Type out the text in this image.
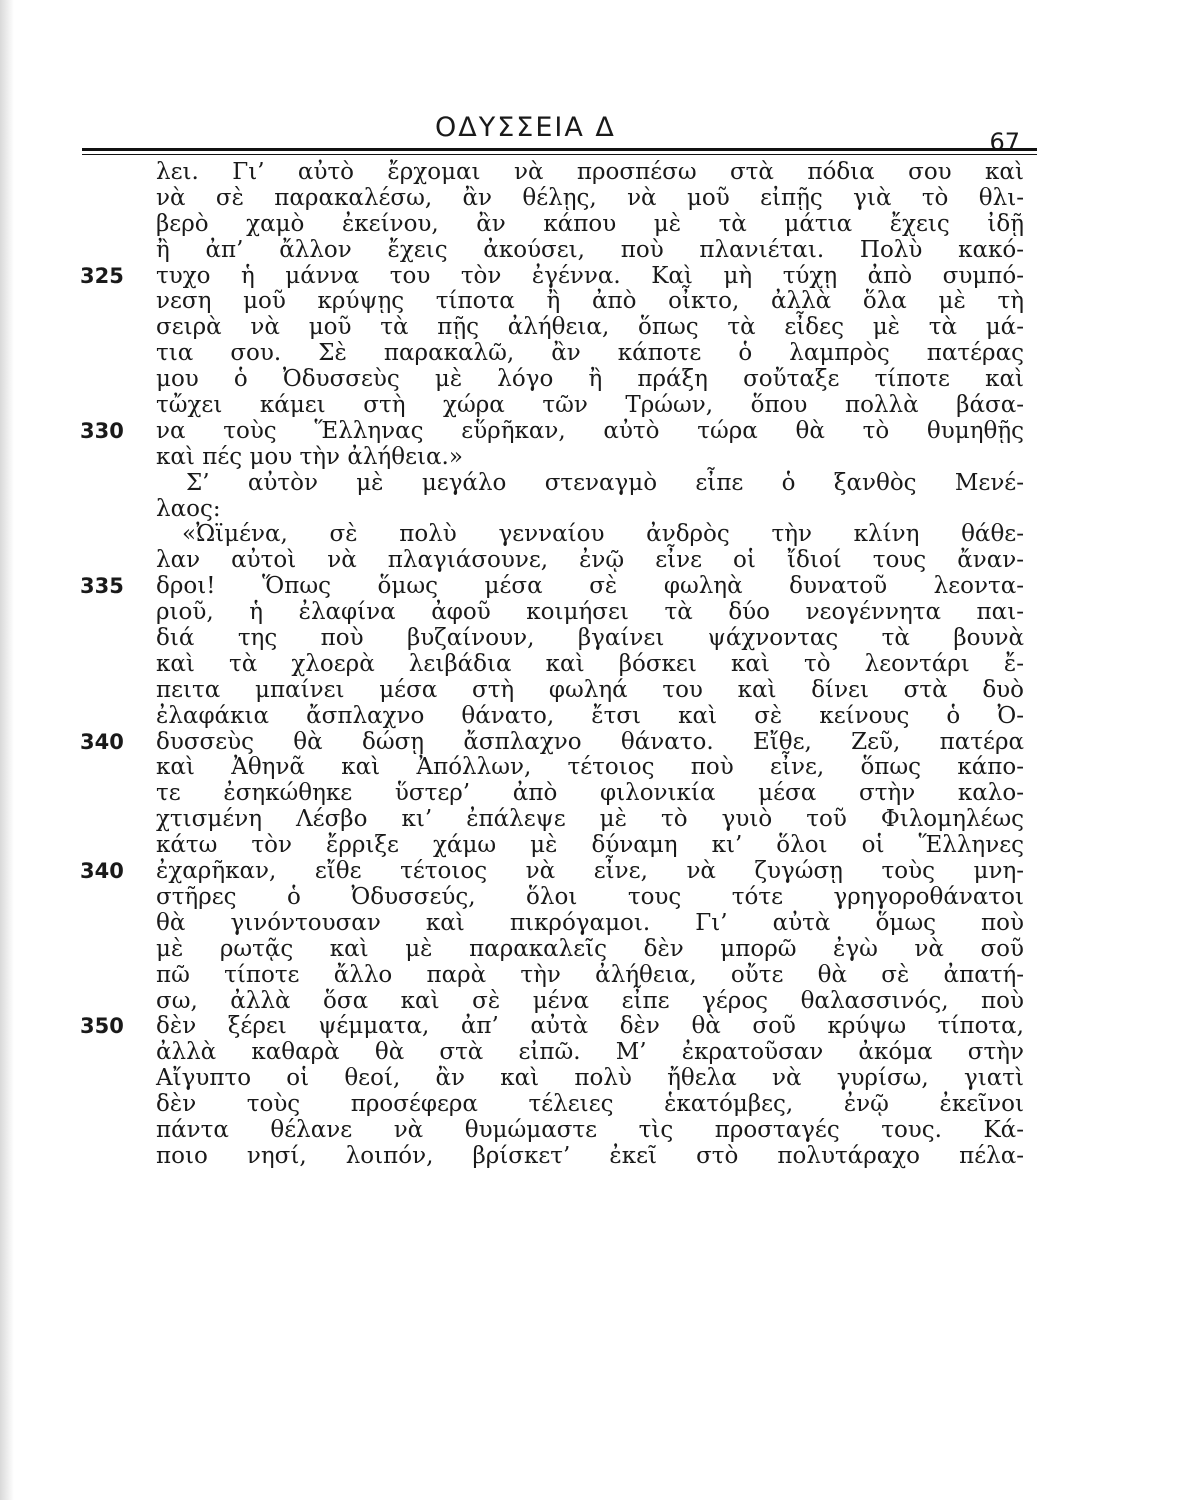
ΟΔΥΣΣΕΙΑ Δ	67
λει. Γι’ αὐτὸ ἔρχομαι νὰ προσπέσω στὰ πόδια σου καὶ
νὰ σὲ παρακαλέσω, ἂν θέλῃς, νὰ μοῦ εἰπῇς γιὰ τὸ θλι-
βερὸ χαμὸ ἐκείνου, ἂν κάπου μὲ τὰ μάτια ἔχεις ἰδῇ
ἢ ἀπ’ ἄλλον ἔχεις ἀκούσει, ποὺ πλανιέται. Πολὺ κακό-
325	τυχο ἡ μάννα του τὸν ἐγέννα. Καὶ μὴ τύχῃ ἀπὸ συμπό-
νεση μοῦ κρύψῃς τίποτα ἢ ἀπὸ οἶκτο, ἀλλὰ ὅλα μὲ τὴ
σειρὰ νὰ μοῦ τὰ πῇς ἀλήθεια, ὅπως τὰ εἶδες μὲ τὰ μά-
τια σου. Σὲ παρακαλῶ, ἂν κάποτε ὁ λαμπρὸς πατέρας
μου ὁ Ὀδυσσεὺς μὲ λόγο ἢ πράξη σοὔταξε τίποτε καὶ
τὤχει κάμει στὴ χώρα τῶν Τρώων, ὅπου πολλὰ βάσα-
330	να τοὺς Ἕλληνας εὕρῆκαν, αὐτὸ τώρα θὰ τὸ θυμηθῇς
καὶ πές μου τὴν ἀλήθεια.»
Σ’ αὐτὸν μὲ μεγάλο στεναγμὸ εἶπε ὁ ξανθὸς Μενέ-
λαος:
«Ὠϊμένα, σὲ πολὺ γενναίου ἀνδρὸς τὴν κλίνη θάθε-
λαν αὐτοὶ νὰ πλαγιάσουνε, ἐνῷ εἶνε οἱ ἴδιοί τους ἄναν-
335	δροι! Ὅπως ὅμως μέσα σὲ φωληὰ δυνατοῦ λεοντα-
ριοῦ, ἡ ἐλαφίνα ἀφοῦ κοιμήσει τὰ δύο νεογέννητα παι-
διά της ποὺ βυζαίνουν, βγαίνει ψάχνοντας τὰ βουνὰ
καὶ τὰ χλοερὰ λειβάδια καὶ βόσκει καὶ τὸ λεοντάρι ἔ-
πειτα μπαίνει μέσα στὴ φωληά του καὶ δίνει στὰ δυὸ
ἐλαφάκια ἄσπλαχνο θάνατο, ἔτσι καὶ σὲ κείνους ὁ Ὀ-
340	δυσσεὺς θὰ δώσῃ ἄσπλαχνο θάνατο. Εἴθε, Ζεῦ, πατέρα
καὶ Ἀθηνᾶ καὶ Ἀπόλλων, τέτοιος ποὺ εἶνε, ὅπως κάπο-
τε ἐσηκώθηκε ὕστερ’ ἀπὸ φιλονικία μέσα στὴν καλο-
χτισμένη Λέσβο κι’ ἐπάλεψε μὲ τὸ γυιὸ τοῦ Φιλομηλέως
κάτω τὸν ἔρριξε χάμω μὲ δύναμη κι’ ὅλοι οἱ Ἕλληνες
340	ἐχαρῆκαν, εἴθε τέτοιος νὰ εἶνε, νὰ ζυγώσῃ τοὺς μνη-
στῆρες ὁ Ὀδυσσεύς, ὅλοι τους τότε γρηγοροθάνατοι
θὰ γινόντουσαν καὶ πικρόγαμοι. Γι’ αὐτὰ ὅμως ποὺ
μὲ ρωτᾷς καὶ μὲ παρακαλεῖς δὲν μπορῶ ἐγὼ νὰ σοῦ
πῶ τίποτε ἄλλο παρὰ τὴν ἀλήθεια, οὔτε θὰ σὲ ἀπατή-
σω, ἀλλὰ ὅσα καὶ σὲ μένα εἶπε γέρος θαλασσινός, ποὺ
350	δὲν ξέρει ψέμματα, ἀπ’ αὐτὰ δὲν θὰ σοῦ κρύψω τίποτα,
ἀλλὰ καθαρὰ θὰ στὰ εἰπῶ. Μ’ ἐκρατοῦσαν ἀκόμα στὴν
Αἴγυπτο οἱ θεοί, ἂν καὶ πολὺ ἤθελα νὰ γυρίσω, γιατὶ
δὲν τοὺς προσέφερα τέλειες ἑκατόμβες, ἐνῷ ἐκεῖνοι
πάντα θέλανε νὰ θυμώμαστε τὶς προσταγές τους. Κά-
ποιο νησί, λοιπόν, βρίσκετ’ ἐκεῖ στὸ πολυτάραχο πέλα-
